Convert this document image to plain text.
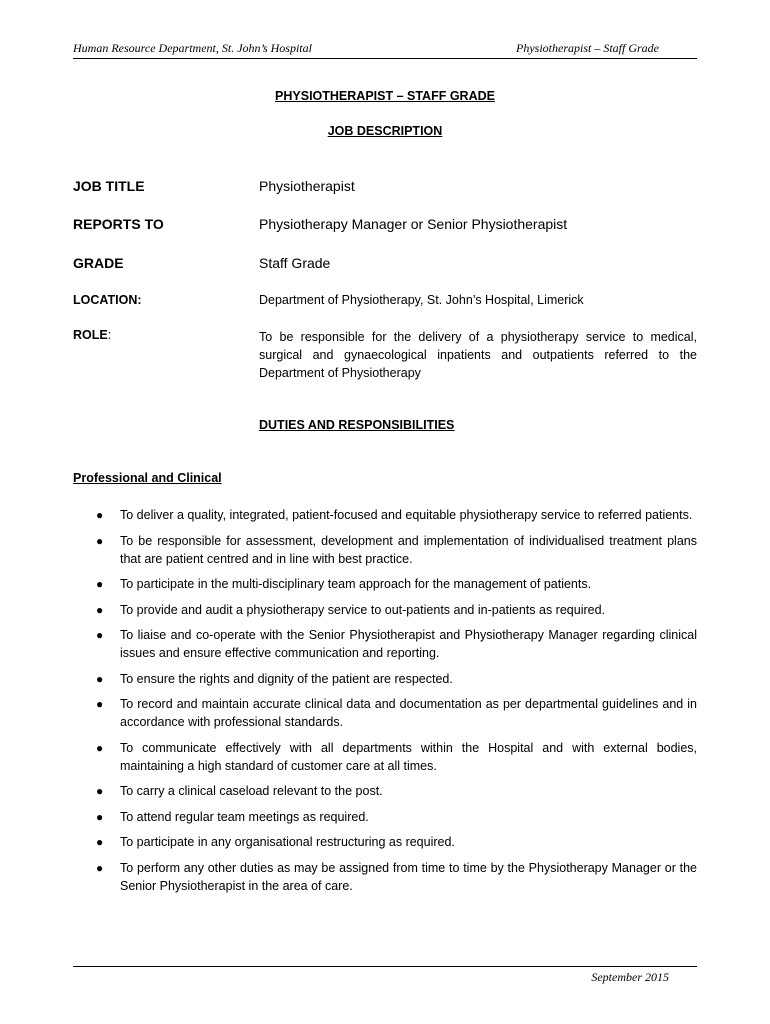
Human Resource Department, St. John’s Hospital	Physiotherapist – Staff Grade
PHYSIOTHERAPIST – STAFF GRADE
JOB DESCRIPTION
JOB TITLE	Physiotherapist
REPORTS TO	Physiotherapy Manager or Senior Physiotherapist
GRADE	Staff Grade
LOCATION:	Department of Physiotherapy, St. John’s Hospital, Limerick
ROLE:	To be responsible for the delivery of a physiotherapy service to medical, surgical and gynaecological inpatients and outpatients referred to the Department of Physiotherapy
DUTIES AND RESPONSIBILITIES
Professional and Clinical
● To deliver a quality, integrated, patient-focused and equitable physiotherapy service to referred patients.
● To be responsible for assessment, development and implementation of individualised treatment plans that are patient centred and in line with best practice.
● To participate in the multi-disciplinary team approach for the management of patients.
● To provide and audit a physiotherapy service to out-patients and in-patients as required.
● To liaise and co-operate with the Senior Physiotherapist and Physiotherapy Manager regarding clinical issues and ensure effective communication and reporting.
● To ensure the rights and dignity of the patient are respected.
● To record and maintain accurate clinical data and documentation as per departmental guidelines and in accordance with professional standards.
● To communicate effectively with all departments within the Hospital and with external bodies, maintaining a high standard of customer care at all times.
● To carry a clinical caseload relevant to the post.
● To attend regular team meetings as required.
● To participate in any organisational restructuring as required.
● To perform any other duties as may be assigned from time to time by the Physiotherapy Manager or the Senior Physiotherapist in the area of care.
September 2015
